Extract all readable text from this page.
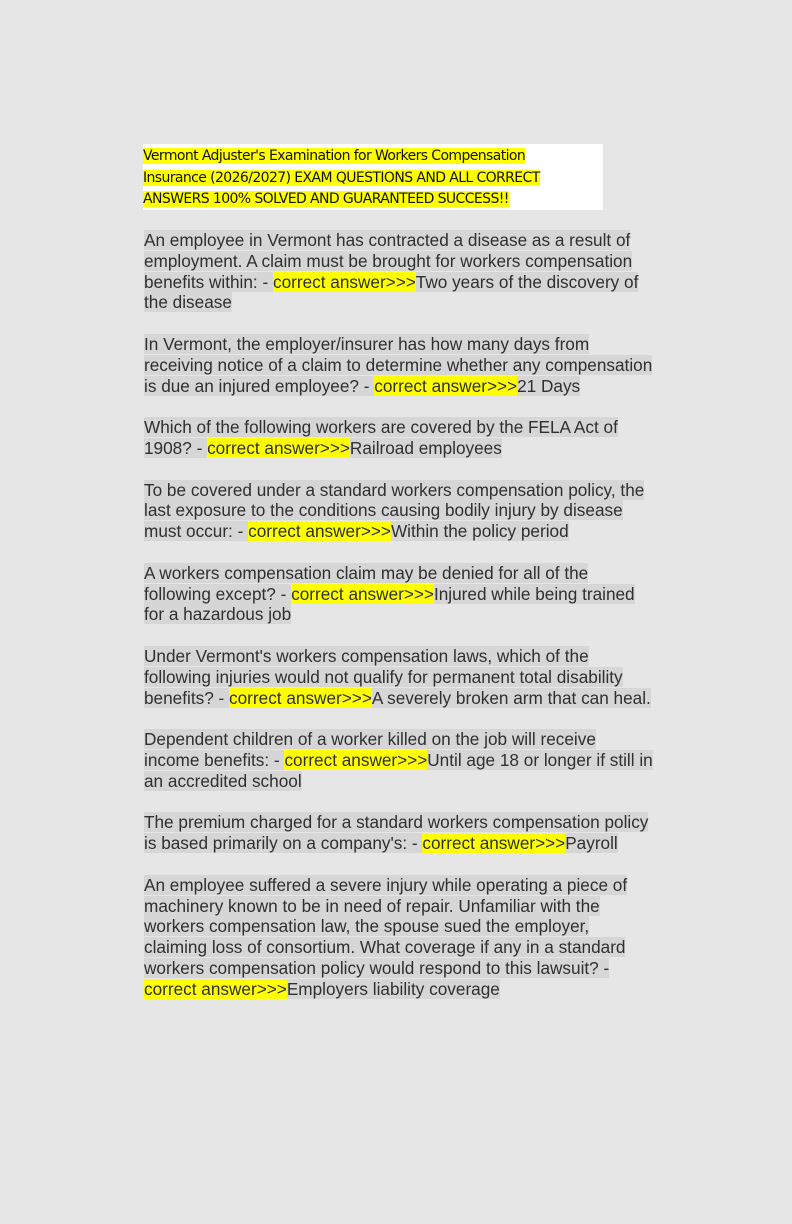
Vermont Adjuster's Examination for Workers Compensation
Insurance (2026/2027) EXAM QUESTIONS AND ALL CORRECT
ANSWERS 100% SOLVED AND GUARANTEED SUCCESS!!
An employee in Vermont has contracted a disease as a result of employment. A claim must be brought for workers compensation benefits within: - correct answer>>>Two years of the discovery of the disease
In Vermont, the employer/insurer has how many days from receiving notice of a claim to determine whether any compensation is due an injured employee? - correct answer>>>21 Days
Which of the following workers are covered by the FELA Act of 1908? - correct answer>>>Railroad employees
To be covered under a standard workers compensation policy, the last exposure to the conditions causing bodily injury by disease must occur: - correct answer>>>Within the policy period
A workers compensation claim may be denied for all of the following except? - correct answer>>>Injured while being trained for a hazardous job
Under Vermont's workers compensation laws, which of the following injuries would not qualify for permanent total disability benefits? - correct answer>>>A severely broken arm that can heal.
Dependent children of a worker killed on the job will receive income benefits: - correct answer>>>Until age 18 or longer if still in an accredited school
The premium charged for a standard workers compensation policy is based primarily on a company's: - correct answer>>>Payroll
An employee suffered a severe injury while operating a piece of machinery known to be in need of repair. Unfamiliar with the workers compensation law, the spouse sued the employer, claiming loss of consortium. What coverage if any in a standard workers compensation policy would respond to this lawsuit? - correct answer>>>Employers liability coverage
